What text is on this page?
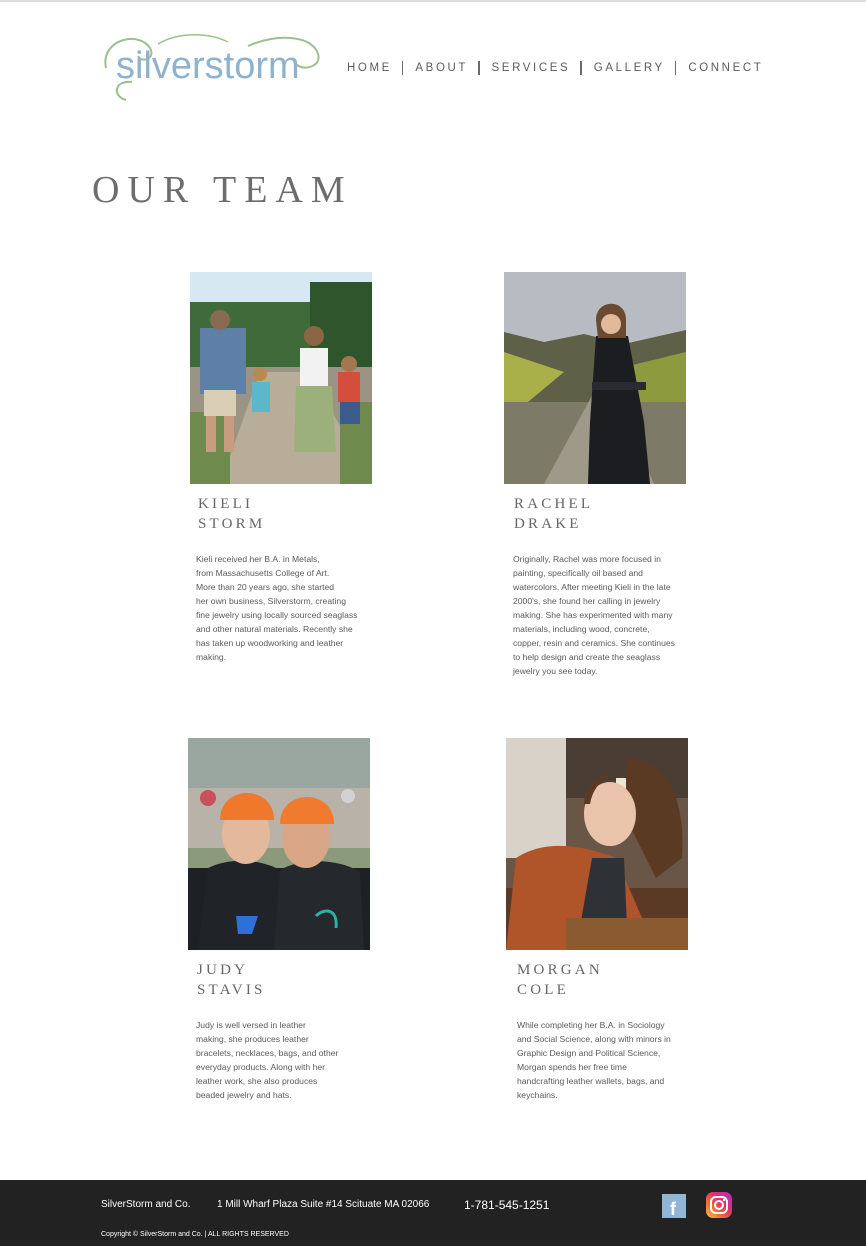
silverstorm	HOME ABOUT SERVICES GALLERY CONNECT
OUR TEAM
KIELI
STORM
Kieli received her B.A. in Metals,
from Massachusetts College of Art.
More than 20 years ago, she started
her own business, Silverstorm, creating
fine jewelry using locally sourced seaglass
and other natural materials. Recently she
has taken up woodworking and leather
making.
RACHEL
DRAKE
Originally, Rachel was more focused in
painting, specifically oil based and
watercolors. After meeting Kieli in the late
2000's, she found her calling in jewelry
making. She has experimented with many
materials, including wood, concrete,
copper, resin and ceramics. She continues
to help design and create the seaglass
jewelry you see today.
JUDY
STAVIS
Judy is well versed in leather
making, she produces leather
bracelets, necklaces, bags, and other
everyday products. Along with her
leather work, she also produces
beaded jewelry and hats.
MORGAN
COLE
While completing her B.A. in Sociology
and Social Science, along with minors in
Graphic Design and Political Science,
Morgan spends her free time
handcrafting leather wallets, bags, and
keychains.
SilverStorm and Co.	1 Mill Wharf Plaza Suite #14 Scituate MA 02066	1-781-545-1251
Copyright © SilverStorm and Co. | ALL RIGHTS RESERVED
f
